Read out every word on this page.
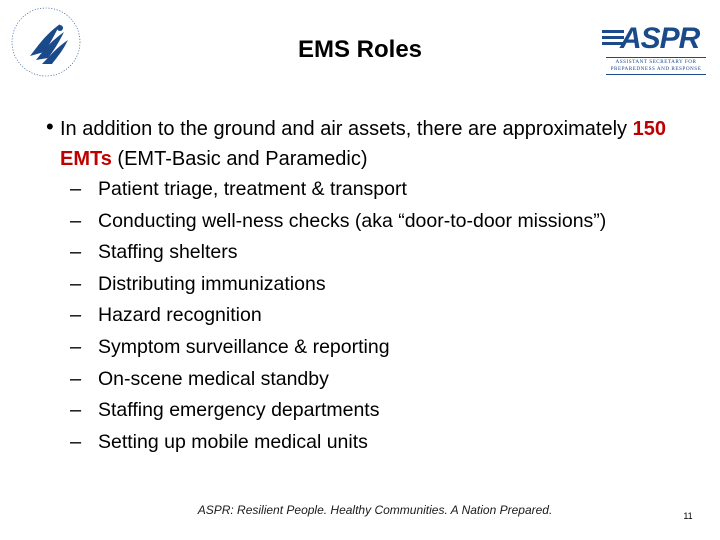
ASPR
ASSISTANT SECRETARY FOR
PREPAREDNESS AND RESPONSE
EMS Roles
• In addition to the ground and air assets, there are approximately 150 EMTs (EMT-Basic and Paramedic)
– Patient triage, treatment & transport
– Conducting well-ness checks (aka “door-to-door missions”)
– Staffing shelters
– Distributing immunizations
– Hazard recognition
– Symptom surveillance & reporting
– On-scene medical standby
– Staffing emergency departments
– Setting up mobile medical units
ASPR: Resilient People. Healthy Communities. A Nation Prepared.	11
